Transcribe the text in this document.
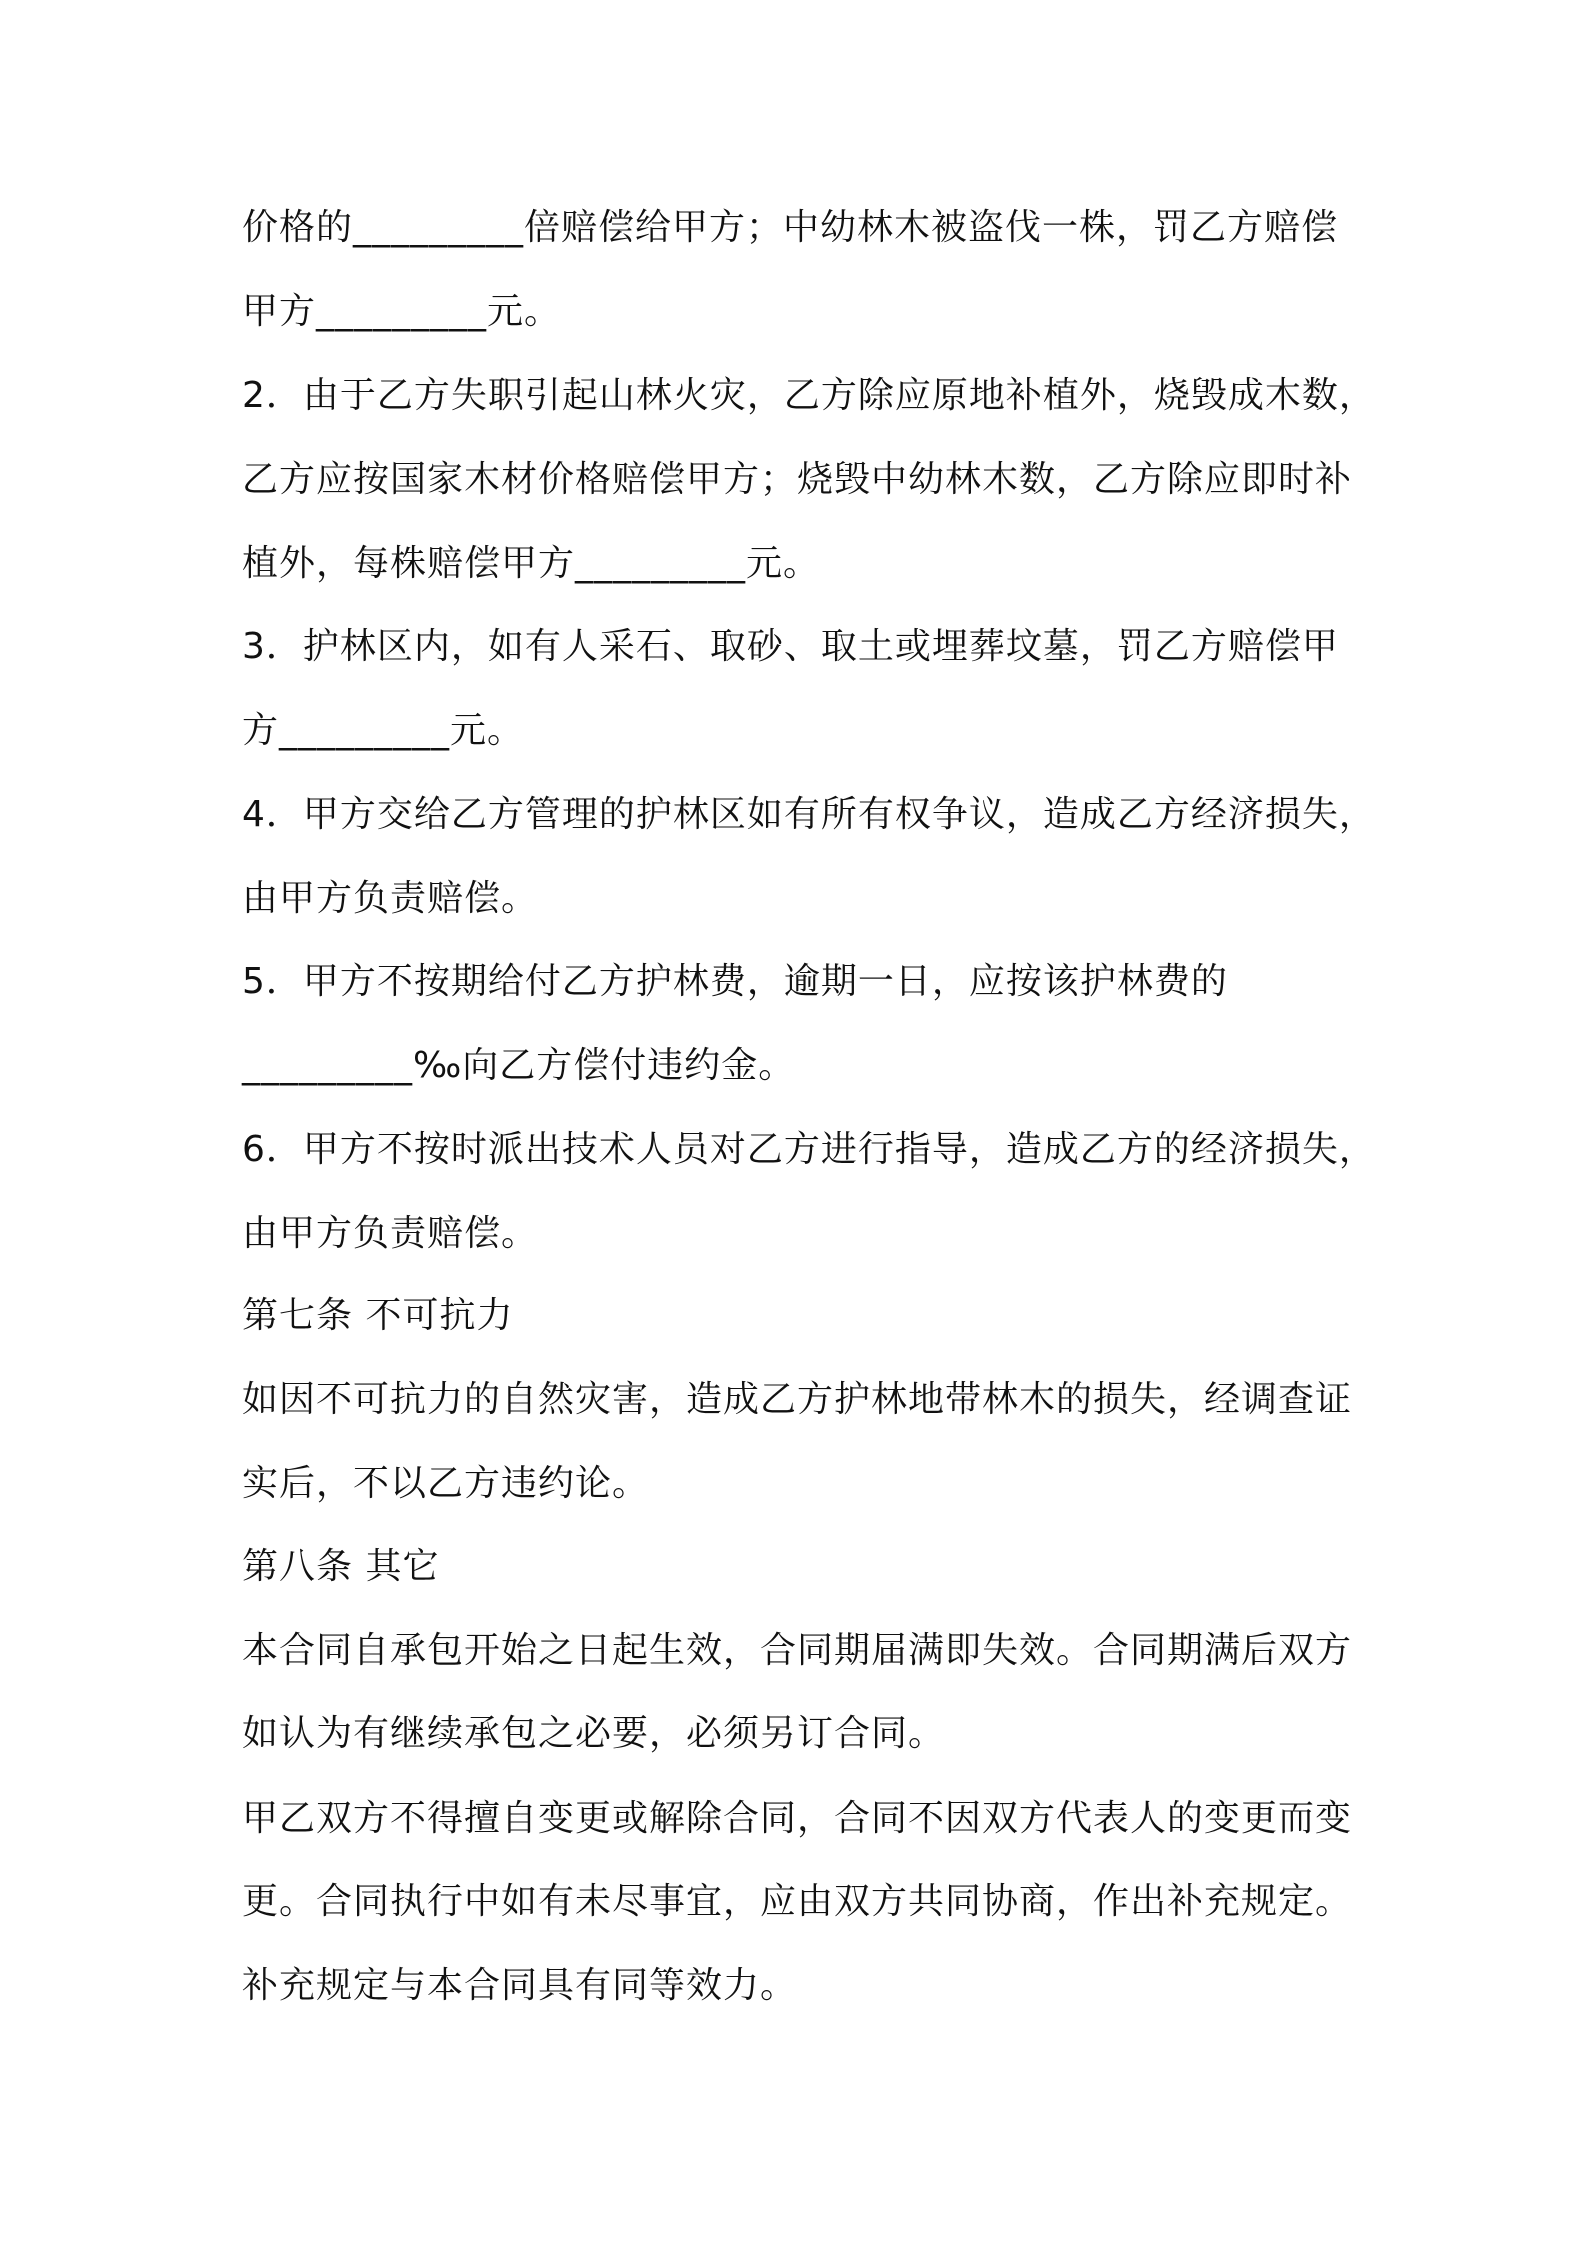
价格的_________倍赔偿给甲方；中幼林木被盗伐一株，罚乙方赔偿
甲方_________元。
2．由于乙方失职引起山林火灾，乙方除应原地补植外，烧毁成木数，
乙方应按国家木材价格赔偿甲方；烧毁中幼林木数，乙方除应即时补
植外，每株赔偿甲方_________元。
3．护林区内，如有人采石、取砂、取土或埋葬坟墓，罚乙方赔偿甲
方_________元。
4．甲方交给乙方管理的护林区如有所有权争议，造成乙方经济损失，
由甲方负责赔偿。
5．甲方不按期给付乙方护林费，逾期一日，应按该护林费的
_________‰向乙方偿付违约金。
6．甲方不按时派出技术人员对乙方进行指导，造成乙方的经济损失，
由甲方负责赔偿。
第七条 不可抗力
如因不可抗力的自然灾害，造成乙方护林地带林木的损失，经调查证
实后，不以乙方违约论。
第八条 其它
本合同自承包开始之日起生效，合同期届满即失效。合同期满后双方
如认为有继续承包之必要，必须另订合同。
甲乙双方不得擅自变更或解除合同，合同不因双方代表人的变更而变
更。合同执行中如有未尽事宜，应由双方共同协商，作出补充规定。
补充规定与本合同具有同等效力。
